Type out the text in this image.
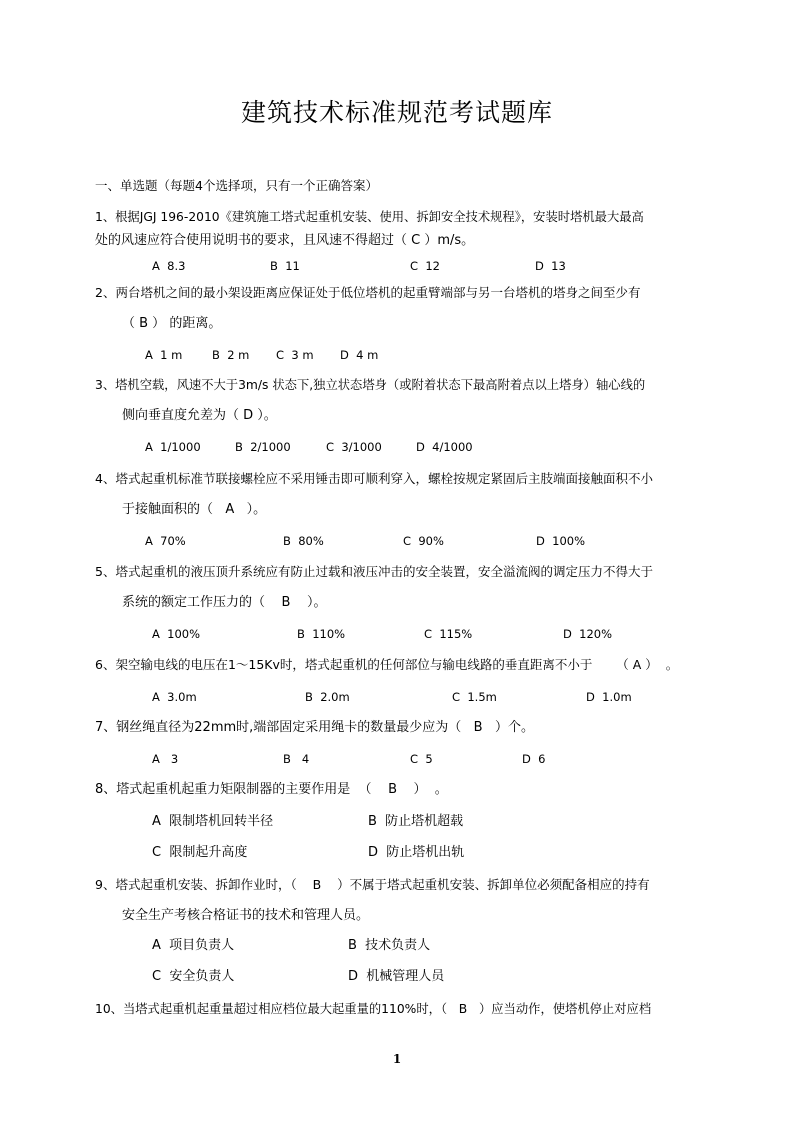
建筑技术标准规范考试题库
一、单选题（每题4个选择项，只有一个正确答案）
1、根据JGJ 196-2010《建筑施工塔式起重机安装、使用、拆卸安全技术规程》，安装时塔机最大最高
处的风速应符合使用说明书的要求，且风速不得超过（ C ）m/s。
A  8.3	B  11	C  12	D  13
2、两台塔机之间的最小架设距离应保证处于低位塔机的起重臂端部与另一台塔机的塔身之间至少有
（ B ） 的距离。
A  1 m	B  2 m C  3 m D  4 m
3、塔机空载，风速不大于3m/s 状态下,独立状态塔身（或附着状态下最高附着点以上塔身）轴心线的
侧向垂直度允差为（ D ）。
A  1/1000	B  2/1000	C  3/1000	D  4/1000
4、塔式起重机标准节联接螺栓应不采用锤击即可顺利穿入，螺栓按规定紧固后主肢端面接触面积不小
于接触面积的（   A   ）。
A  70%	B  80%	C  90%	D  100%
5、塔式起重机的液压顶升系统应有防止过载和液压冲击的安全装置，安全溢流阀的调定压力不得大于
系统的额定工作压力的（    B    ）。
A  100%	B  110%	C  115%	D  120%
6、架空输电线的电压在1～15Kv时，塔式起重机的任何部位与输电线路的垂直距离不小于      （ A ）  。
A  3.0m	B  2.0m	C  1.5m	D  1.0m
7、钢丝绳直径为22mm时,端部固定采用绳卡的数量最少应为（   B   ）个。
A   3	B   4	C  5	D  6
8、塔式起重机起重力矩限制器的主要作用是  （    B    ）  。
A  限制塔机回转半径	B  防止塔机超载
C  限制起升高度	D  防止塔机出轨
9、塔式起重机安装、拆卸作业时，（    B    ）不属于塔式起重机安装、拆卸单位必须配备相应的持有
安全生产考核合格证书的技术和管理人员。
A  项目负责人	B  技术负责人
C  安全负责人	D  机械管理人员
10、当塔式起重机起重量超过相应档位最大起重量的110%时，（   B   ）应当动作，使塔机停止对应档
1
